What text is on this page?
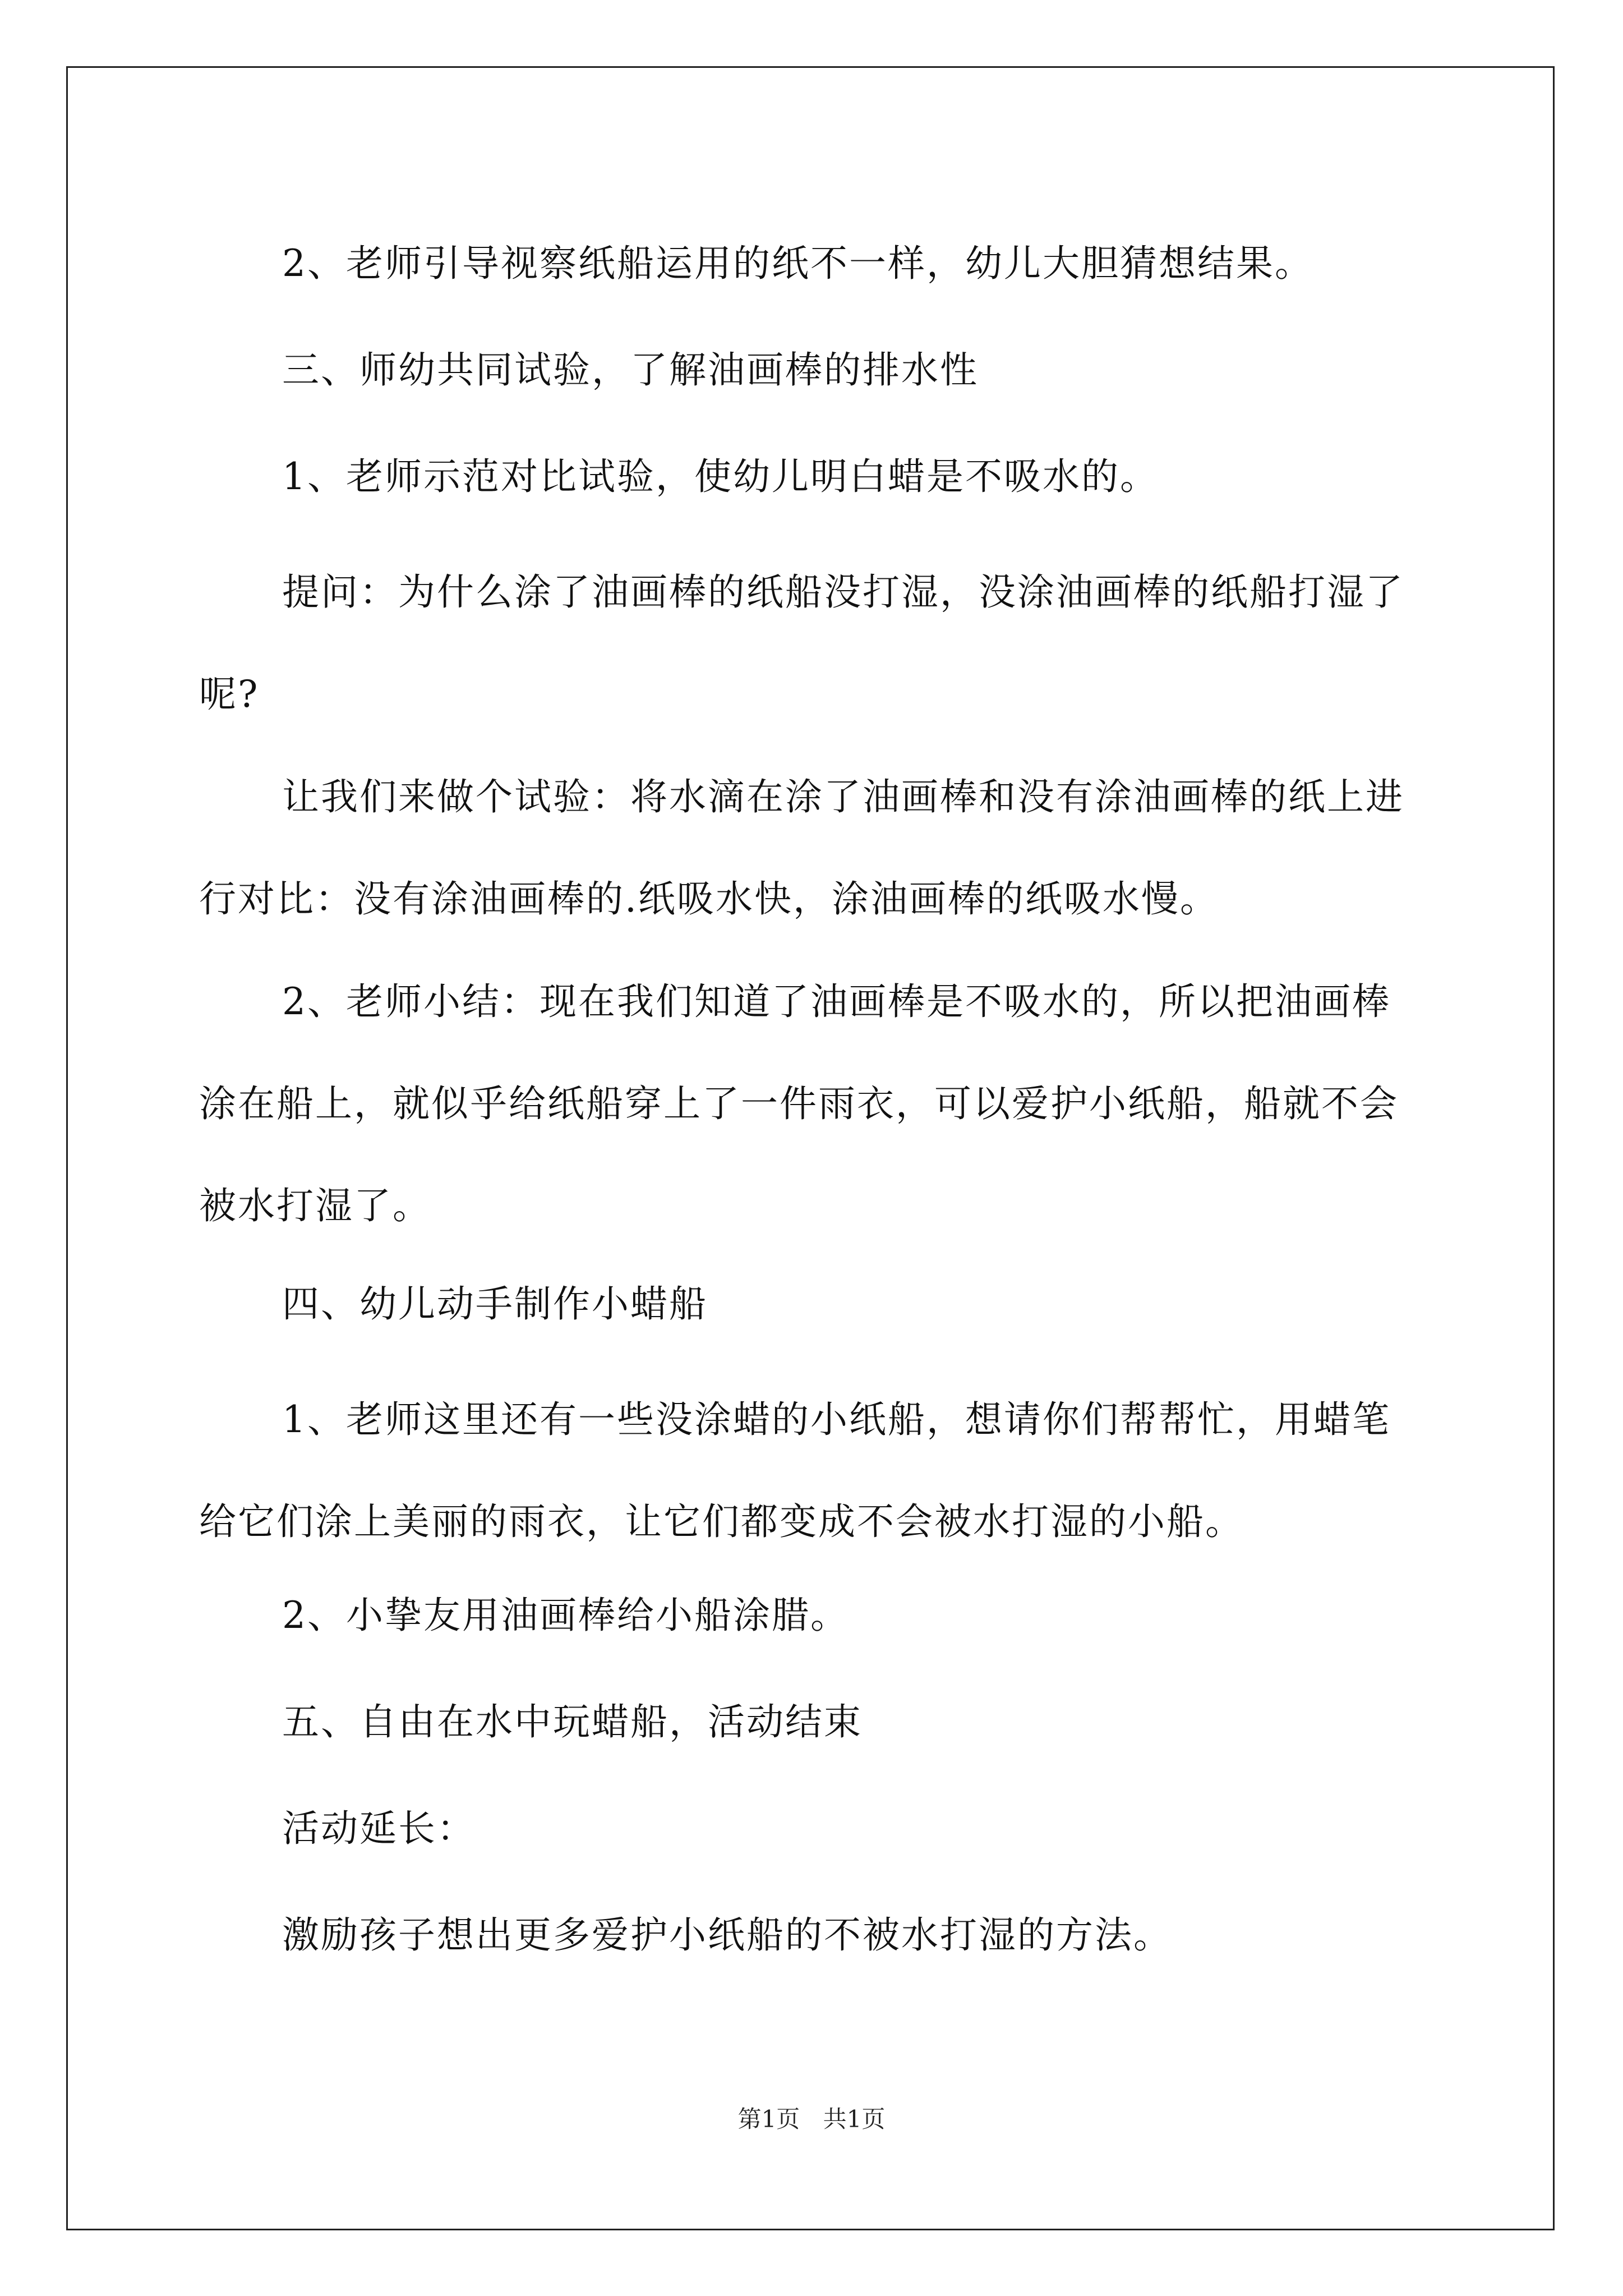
2、老师引导视察纸船运用的纸不一样，幼儿大胆猜想结果。

三、师幼共同试验，了解油画棒的排水性

1、老师示范对比试验，使幼儿明白蜡是不吸水的。

提问：为什么涂了油画棒的纸船没打湿，没涂油画棒的纸船打湿了呢?

让我们来做个试验：将水滴在涂了油画棒和没有涂油画棒的纸上进行对比：没有涂油画棒的.纸吸水快，涂油画棒的纸吸水慢。

2、老师小结：现在我们知道了油画棒是不吸水的，所以把油画棒涂在船上，就似乎给纸船穿上了一件雨衣，可以爱护小纸船，船就不会被水打湿了。

四、幼儿动手制作小蜡船

1、老师这里还有一些没涂蜡的小纸船，想请你们帮帮忙，用蜡笔给它们涂上美丽的雨衣，让它们都变成不会被水打湿的小船。

2、小挚友用油画棒给小船涂腊。

五、自由在水中玩蜡船，活动结束

活动延长：

激励孩子想出更多爱护小纸船的不被水打湿的方法。

第1页 共1页
